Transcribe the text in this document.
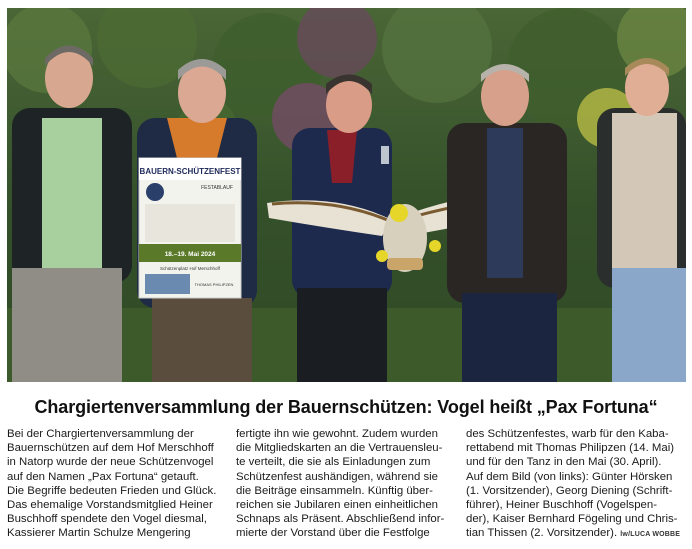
BAUERN-SCHÜTZENFEST
FESTABLAUF
18.–19. Mai 2024
Schützenplatz Hof Merschhoff
THOMAS PHILIPZEN
Chargiertenversammlung der Bauernschützen: Vogel heißt „Pax Fortuna“
Bei der Chargiertenversammlung der
Bauernschützen auf dem Hof Merschhoff
in Natorp wurde der neue Schützenvogel
auf den Namen „Pax Fortuna“ getauft.
Die Begriffe bedeuten Frieden und Glück.
Das ehemalige Vorstandsmitglied Heiner
Buschhoff spendete den Vogel diesmal,
Kassierer Martin Schulze Mengering
fertigte ihn wie gewohnt. Zudem wurden
die Mitgliedskarten an die Vertrauensleu-
te verteilt, die sie als Einladungen zum
Schützenfest aushändigen, während sie
die Beiträge einsammeln. Künftig über-
reichen sie Jubilaren einen einheitlichen
Schnaps als Präsent. Abschließend infor-
mierte der Vorstand über die Festfolge
des Schützenfestes, warb für den Kaba-
rettabend mit Thomas Philipzen (14. Mai)
und für den Tanz in den Mai (30. April).
Auf dem Bild (von links): Günter Hörsken
(1. Vorsitzender), Georg Diening (Schrift-
führer), Heiner Buschhoff (Vogelspen-
der), Kaiser Bernhard Fögeling und Chris-
tian Thissen (2. Vorsitzender). lw/LUCA WOBBE
